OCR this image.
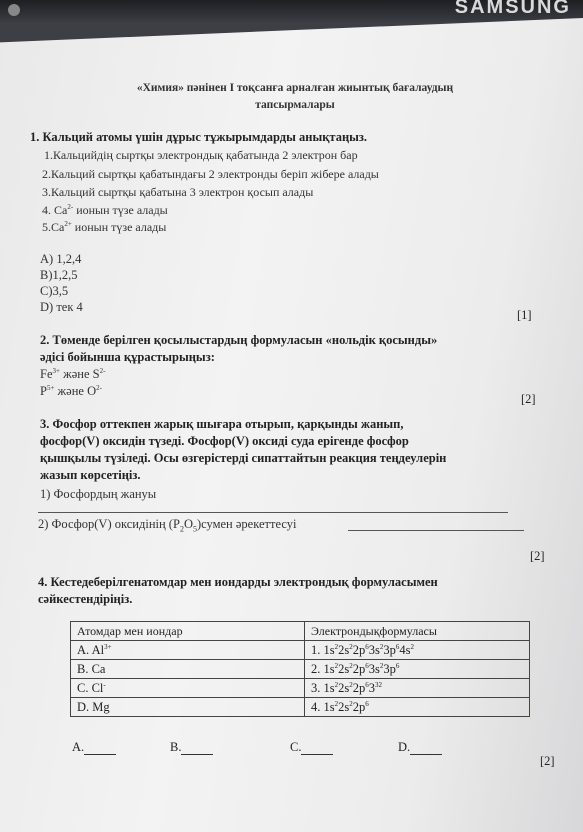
SAMSUNG
«Химия» пәнінен І тоқсанға арналған жиынтық бағалаудың
тапсырмалары
1. Кальций атомы үшін дұрыс тұжырымдарды анықтаңыз.
1.Кальцийдің сыртқы электрондық қабатында 2 электрон бар
2.Кальций сыртқы қабатындағы 2 электронды беріп жібере алады
3.Кальций сыртқы қабатына 3 электрон қосып алады
4. $Ca^{2-}$ ионын түзе алады
$5.Ca^{2+}$ ионын түзе алады
A) 1,2,4
B)1,2,5
C)3,5
D) тек 4
[1]
2. Төменде берілген қосылыстардың формуласын «нольдік қосынды»
әдісі бойынша құрастырыңыз:
$Fe^{3+}$ және $S^{2-}$
$P^{5+}$ және $O^{2-}$
[2]
3. Фосфор оттекпен жарық шығара отырып, қарқынды жанып,
фосфор(V) оксидін түзеді. Фосфор(V) оксиді суда ерігенде фосфор
қышқылы түзіледі. Осы өзгерістерді сипаттайтын реакция теңдеулерін
жазып көрсетіңіз.
1) Фосфордың жануы
2) Фосфор(V) оксидінің $(P_2O_5)сумен$ әрекеттесуі
[2]
4. Кестедеберілгенатомдар мен иондарды электрондық формуласымен
сәйкестендіріңіз.
Атомдар мен иондар	Электрондықформуласы
A. $Al^{3+}$	1. $1s^22s^22p^63s^23p^64s^2$
B. Ca	2. $1s^22s^22p^63s^23p^6$
C. Cl-	3. $1s^22s^22p^63^{32}$
D. Mg	4. $1s^22s^22p^6$
A.	B.	C.	D.
[2]
